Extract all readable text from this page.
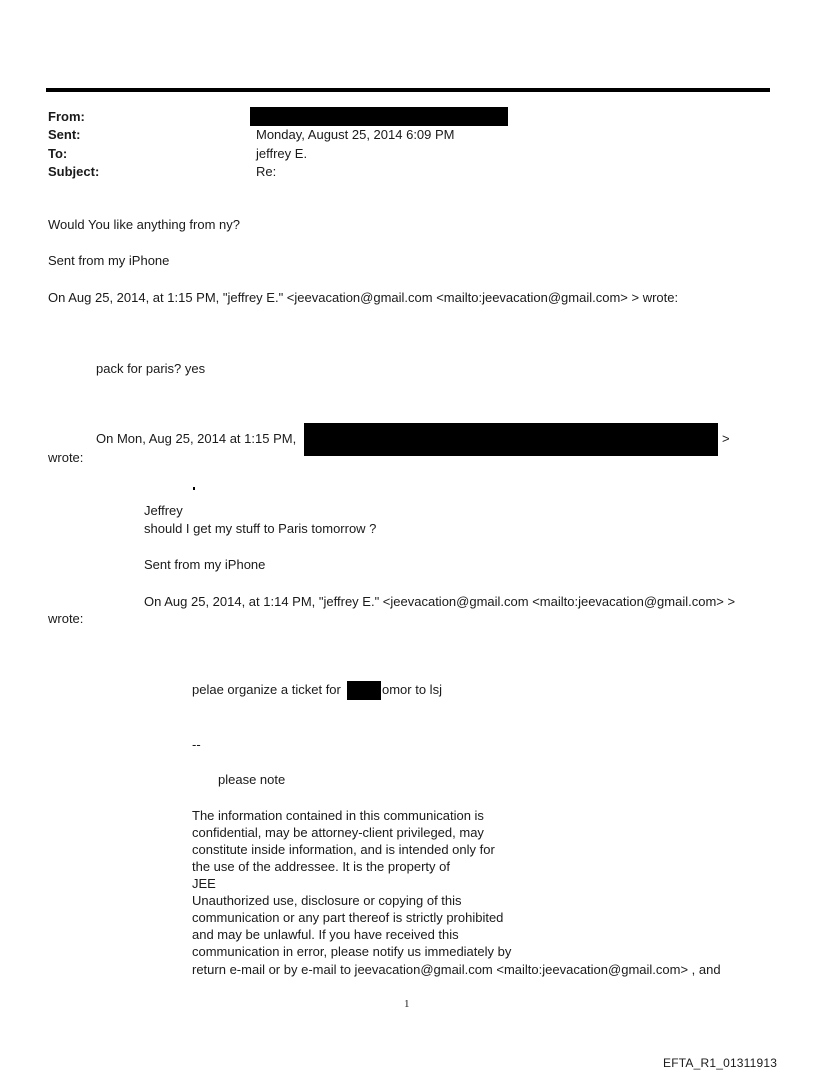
From:
Sent:	Monday, August 25, 2014 6:09 PM
To:	jeffrey E.
Subject:	Re:
Would You like anything from ny?
Sent from my iPhone
On Aug 25, 2014, at 1:15 PM, "jeffrey E." <jeevacation@gmail.com <mailto:jeevacation@gmail.com> > wrote:
pack for paris? yes
On Mon, Aug 25, 2014 at 1:15 PM,	>
wrote:
Jeffrey
should I get my stuff to Paris tomorrow ?
Sent from my iPhone
On Aug 25, 2014, at 1:14 PM, "jeffrey E." <jeevacation@gmail.com <mailto:jeevacation@gmail.com> >
wrote:
pelae organize a ticket for	omor to lsj
--
please note
The information contained in this communication is
confidential, may be attorney-client privileged, may
constitute inside information, and is intended only for
the use of the addressee. It is the property of
JEE
Unauthorized use, disclosure or copying of this
communication or any part thereof is strictly prohibited
and may be unlawful. If you have received this
communication in error, please notify us immediately by
return e-mail or by e-mail to jeevacation@gmail.com <mailto:jeevacation@gmail.com> , and
1
EFTA_R1_01311913
